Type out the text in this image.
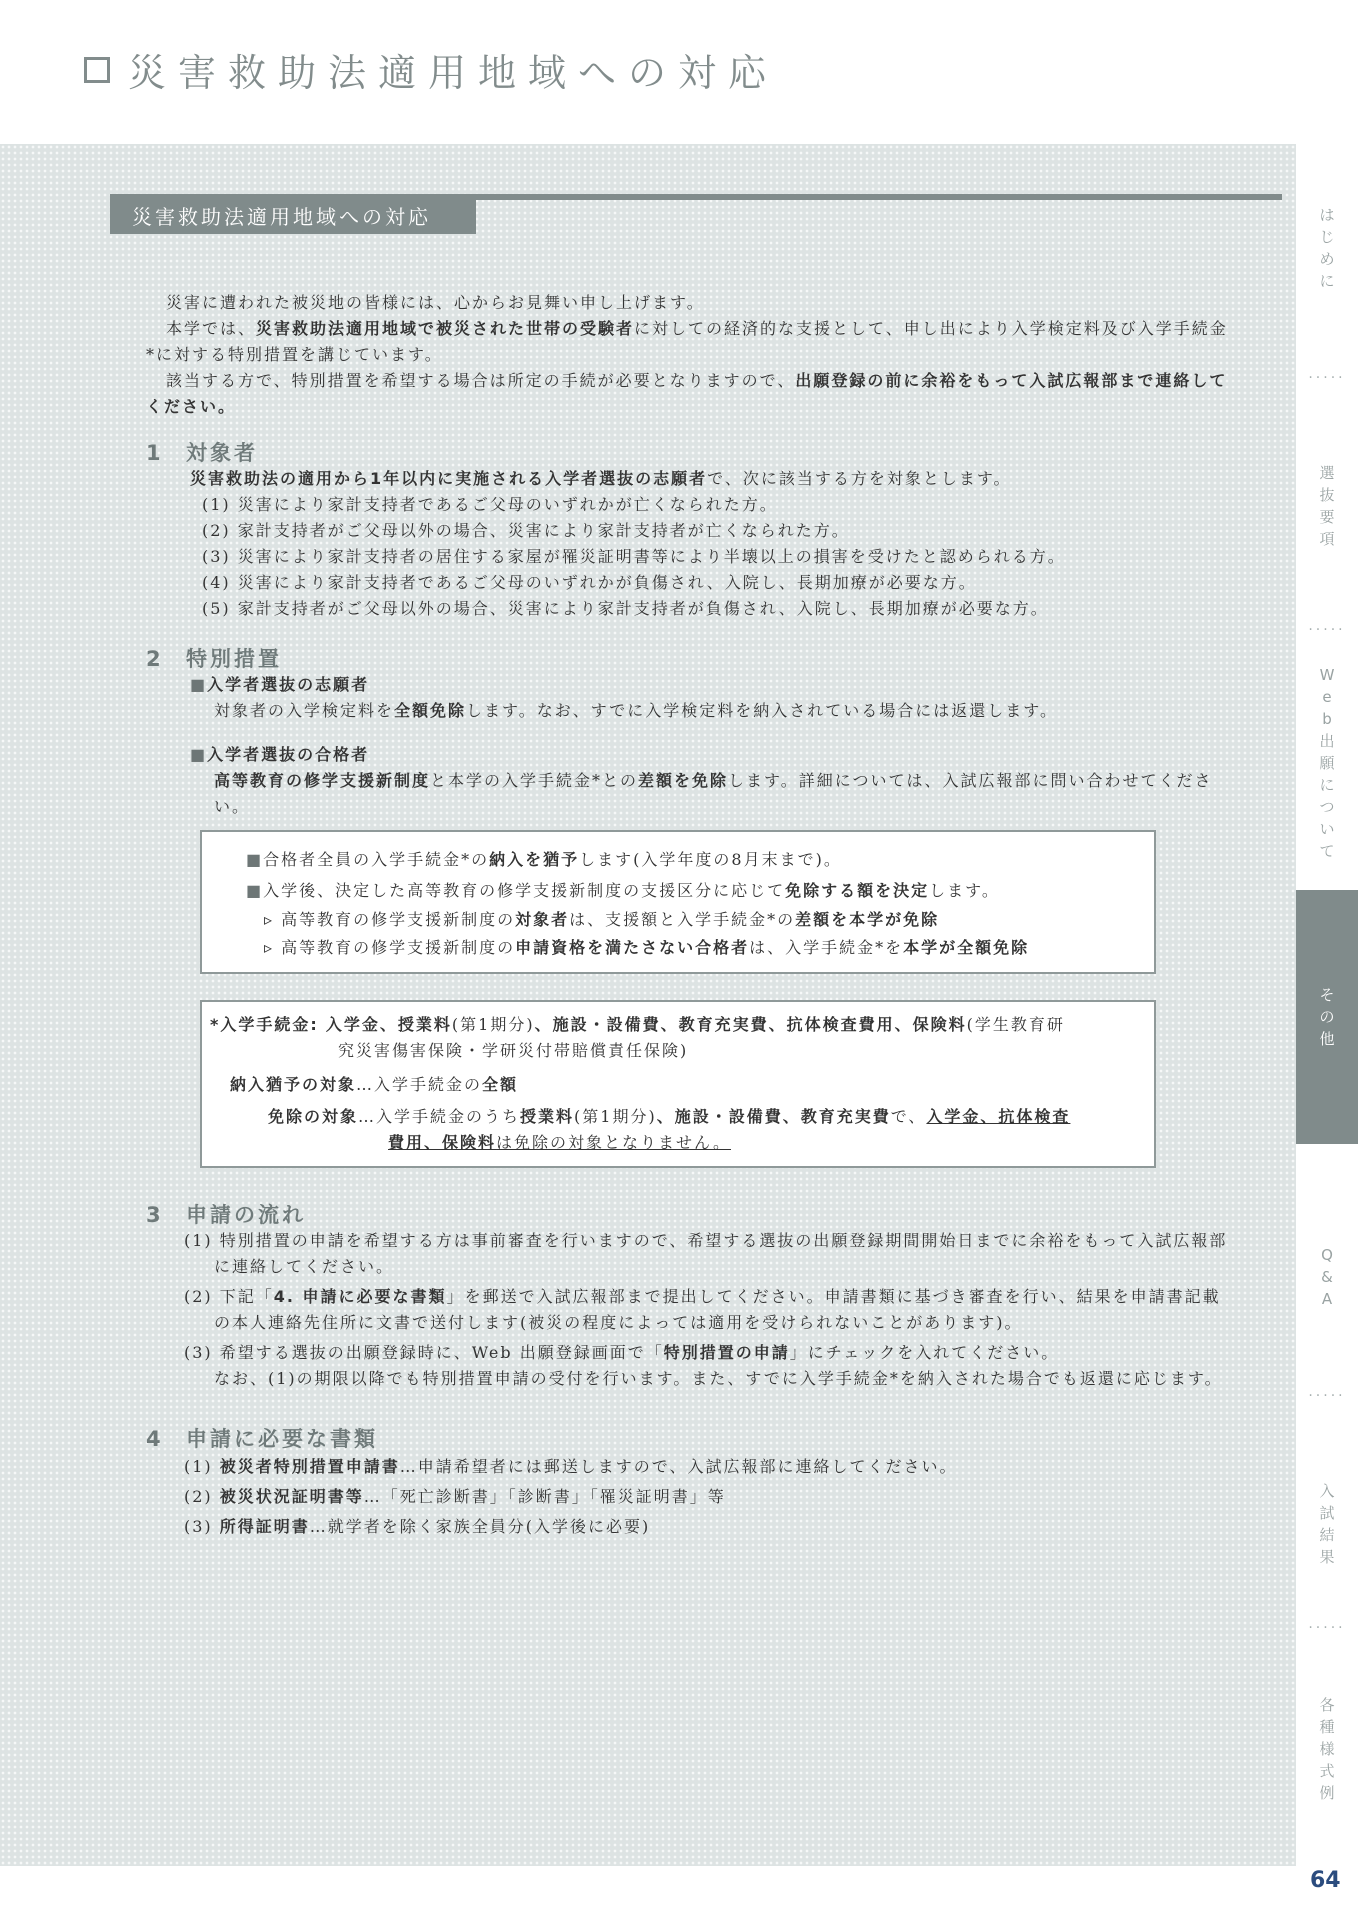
災害救助法適用地域への対応
災害救助法適用地域への対応

災害に遭われた被災地の皆様には、心からお見舞い申し上げます。

本学では、災害救助法適用地域で被災された世帯の受験者に対しての経済的な支援として、申し出により入学検定料及び入学手続金*に対する特別措置を講じています。

該当する方で、特別措置を希望する場合は所定の手続が必要となりますので、出願登録の前に余裕をもって入試広報部まで連絡してください。

1 対象者

災害救助法の適用から1年以内に実施される入学者選抜の志願者で、次に該当する方を対象とします。

(1) 災害により家計支持者であるご父母のいずれかが亡くなられた方。

(2) 家計支持者がご父母以外の場合、災害により家計支持者が亡くなられた方。

(3) 災害により家計支持者の居住する家屋が罹災証明書等により半壊以上の損害を受けたと認められる方。

(4) 災害により家計支持者であるご父母のいずれかが負傷され、入院し、長期加療が必要な方。

(5) 家計支持者がご父母以外の場合、災害により家計支持者が負傷され、入院し、長期加療が必要な方。

2 特別措置

■入学者選抜の志願者

対象者の入学検定料を全額免除します。なお、すでに入学検定料を納入されている場合には返還します。

■入学者選抜の合格者

高等教育の修学支援新制度と本学の入学手続金*との差額を免除します。詳細については、入試広報部に問い合わせてください。

■合格者全員の入学手続金*の納入を猶予します(入学年度の8月末まで)。

■入学後、決定した高等教育の修学支援新制度の支援区分に応じて免除する額を決定します。

▹ 高等教育の修学支援新制度の対象者は、支援額と入学手続金*の差額を本学が免除

▹ 高等教育の修学支援新制度の申請資格を満たさない合格者は、入学手続金*を本学が全額免除

*入学手続金: 入学金、授業料(第1期分)、施設・設備費、教育充実費、抗体検査費用、保険料(学生教育研

究災害傷害保険・学研災付帯賠償責任保険)

納入猶予の対象…入学手続金の全額

免除の対象…入学手続金のうち授業料(第1期分)、施設・設備費、教育充実費で、入学金、抗体検査

費用、保険料は免除の対象となりません。

3 申請の流れ

(1) 特別措置の申請を希望する方は事前審査を行いますので、希望する選抜の出願登録期間開始日までに余裕をもって入試広報部に連絡してください。

(2) 下記「4. 申請に必要な書類」を郵送で入試広報部まで提出してください。申請書類に基づき審査を行い、結果を申請書記載の本人連絡先住所に文書で送付します(被災の程度によっては適用を受けられないことがあります)。

(3) 希望する選抜の出願登録時に、Web 出願登録画面で「特別措置の申請」にチェックを入れてください。

なお、(1)の期限以降でも特別措置申請の受付を行います。また、すでに入学手続金*を納入された場合でも返還に応じます。

4 申請に必要な書類

(1) 被災者特別措置申請書…申請希望者には郵送しますので、入試広報部に連絡してください。

(2) 被災状況証明書等…「死亡診断書」「診断書」「罹災証明書」等

(3) 所得証明書…就学者を除く家族全員分(入学後に必要)

は
じ
め
に
·····
選
抜
要
項
·····
W
e
b
出
願
に
つ
い
て
そ
の
他
Q
&
A
·····
入
試
結
果
·····
各
種
様
式
例
64
